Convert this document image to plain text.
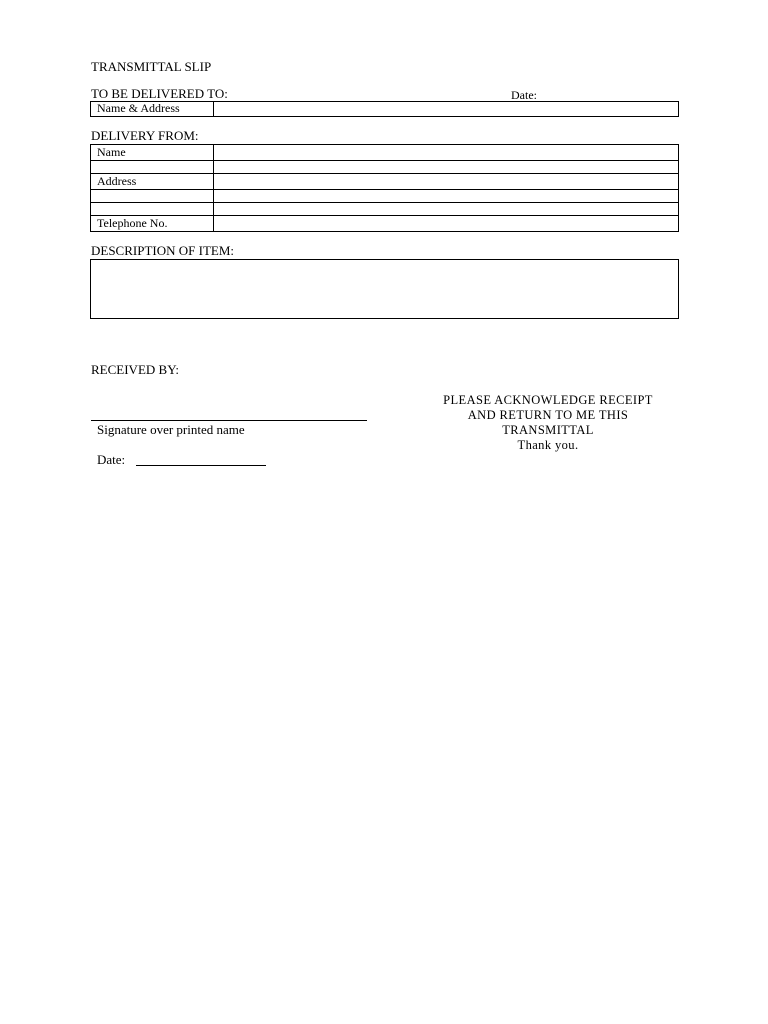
TRANSMITTAL SLIP
TO BE DELIVERED TO:	Date:
Name & Address	
DELIVERY FROM:
Name	

Address	

Telephone No.	
DESCRIPTION OF ITEM:
RECEIVED BY:
Signature over printed name
Date:
PLEASE ACKNOWLEDGE RECEIPT
AND RETURN TO ME THIS
TRANSMITTAL
Thank you.
